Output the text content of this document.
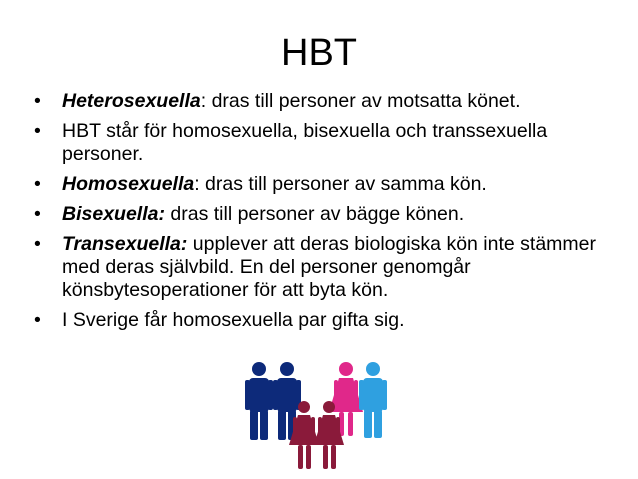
HBT
• Heterosexuella: dras till personer av motsatta könet.
• HBT står för homosexuella, bisexuella och transsexuella personer.
• Homosexuella: dras till personer av samma kön.
• Bisexuella: dras till personer av bägge könen.
• Transexuella: upplever att deras biologiska kön inte stämmer med deras självbild. En del personer genomgår könsbytesoperationer för att byta kön.
• I Sverige får homosexuella par gifta sig.
